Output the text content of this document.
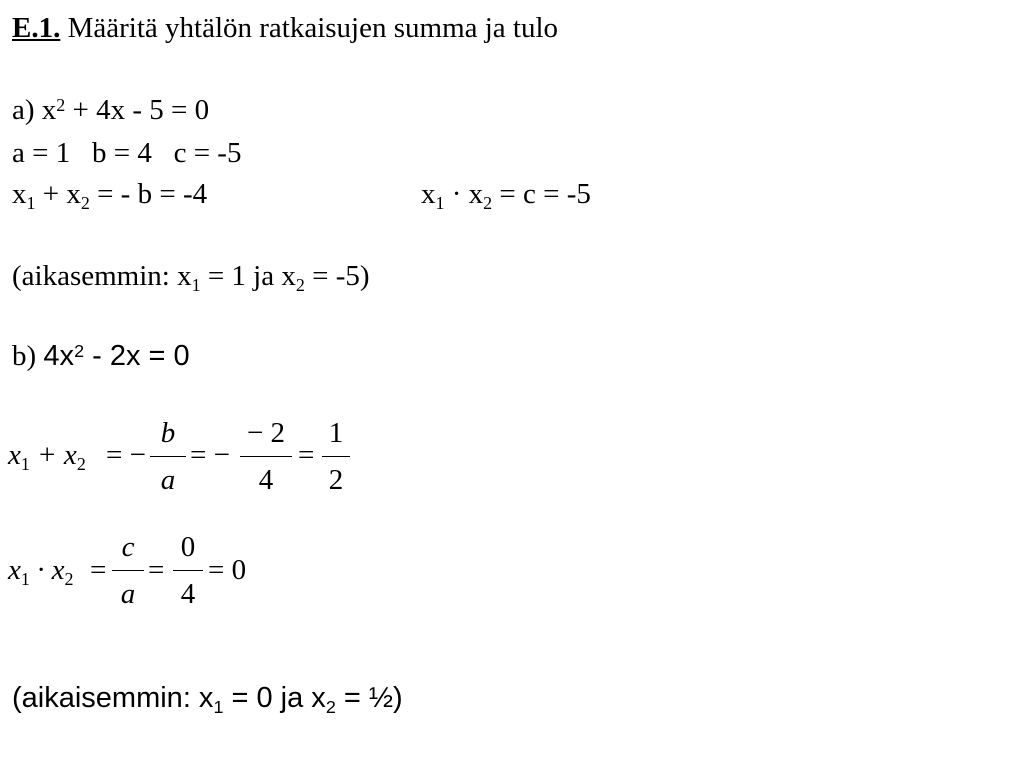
E.1. Määritä yhtälön ratkaisujen summa ja tulo
a) $x^2 + 4x - 5 = 0$
a = 1   b = 4   c = -5
$x_1 + x_2$ = - b = -4	$x_1 \cdot x_2 = c = -5$
(aikasemmin: $x_1 = 1$ ja $x_2 = -5$)
b) $4x^2 - 2x = 0$
$x_1 + x_2$ = −
b
a
= −
− 2
4
=
1
2
$x_1 \cdot x_2$ =
c
a
=
0
4
= 0
(aikaisemmin: $x_1 = 0$ ja $x_2$ = ½)
